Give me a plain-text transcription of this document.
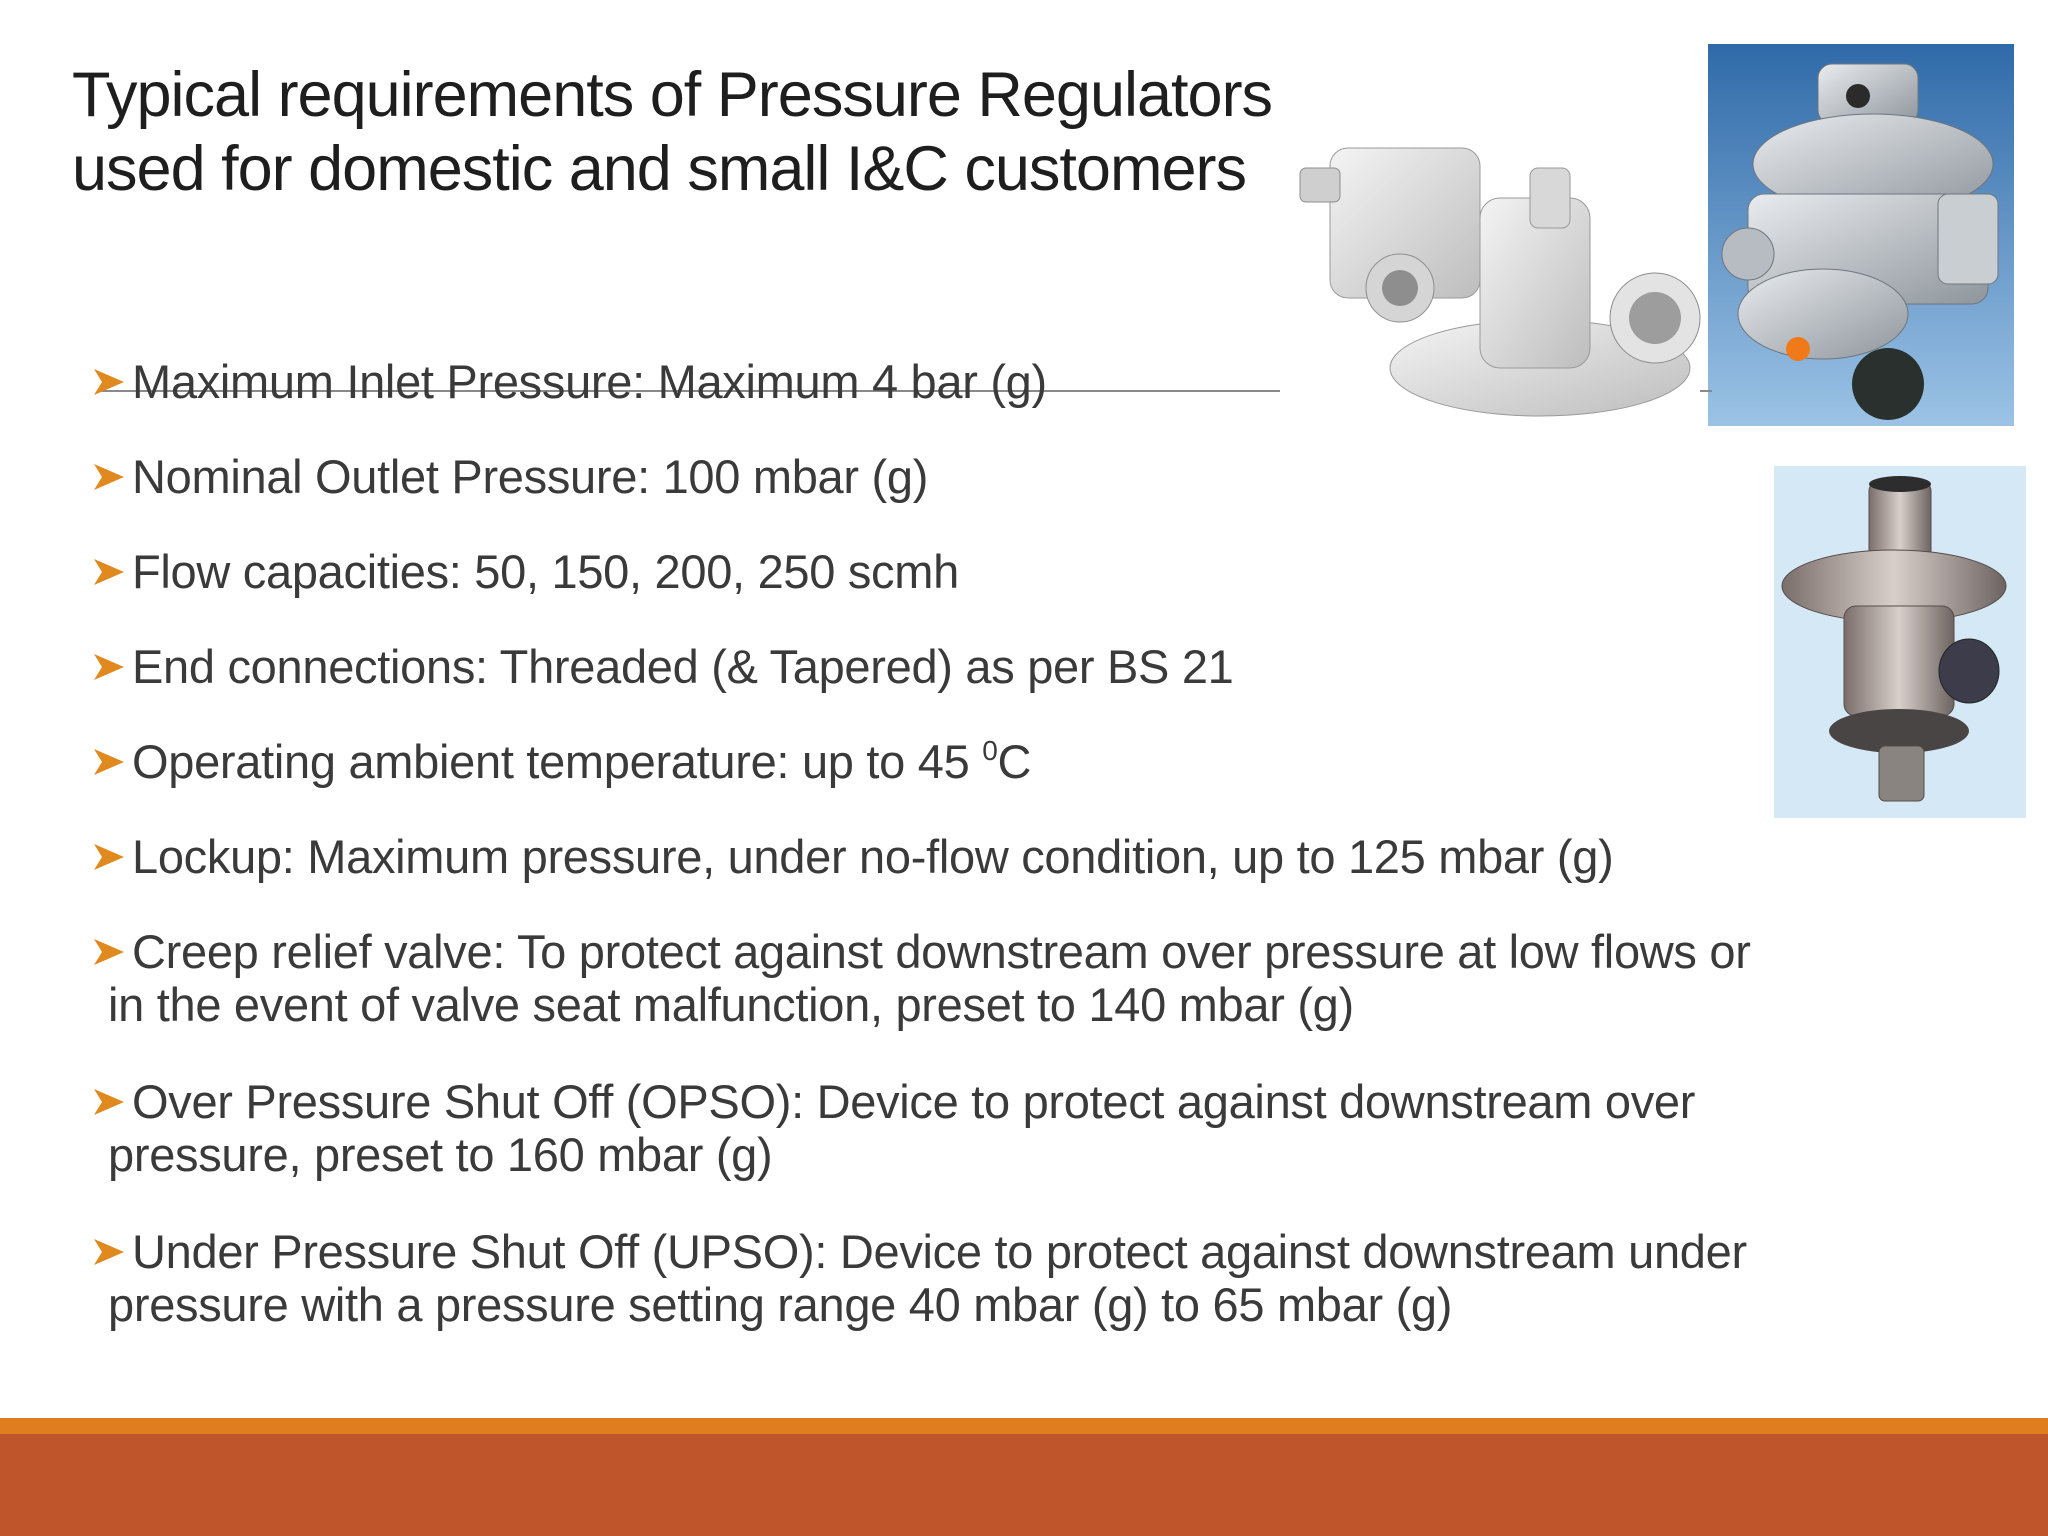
Typical requirements of Pressure Regulators
used for domestic and small I&C customers
Maximum Inlet Pressure: Maximum 4 bar (g)
Nominal Outlet Pressure: 100 mbar (g)
Flow capacities: 50, 150, 200, 250 scmh
End connections: Threaded (& Tapered) as per BS 21
Operating ambient temperature: up to 45 $^0$C
Lockup: Maximum pressure, under no-flow condition, up to 125 mbar (g)
Creep relief valve: To protect against downstream over pressure at low flows or
in the event of valve seat malfunction, preset to 140 mbar (g)
Over Pressure Shut Off (OPSO): Device to protect against downstream over
pressure, preset to 160 mbar (g)
Under Pressure Shut Off (UPSO): Device to protect against downstream under
pressure with a pressure setting range 40 mbar (g) to 65 mbar (g)
